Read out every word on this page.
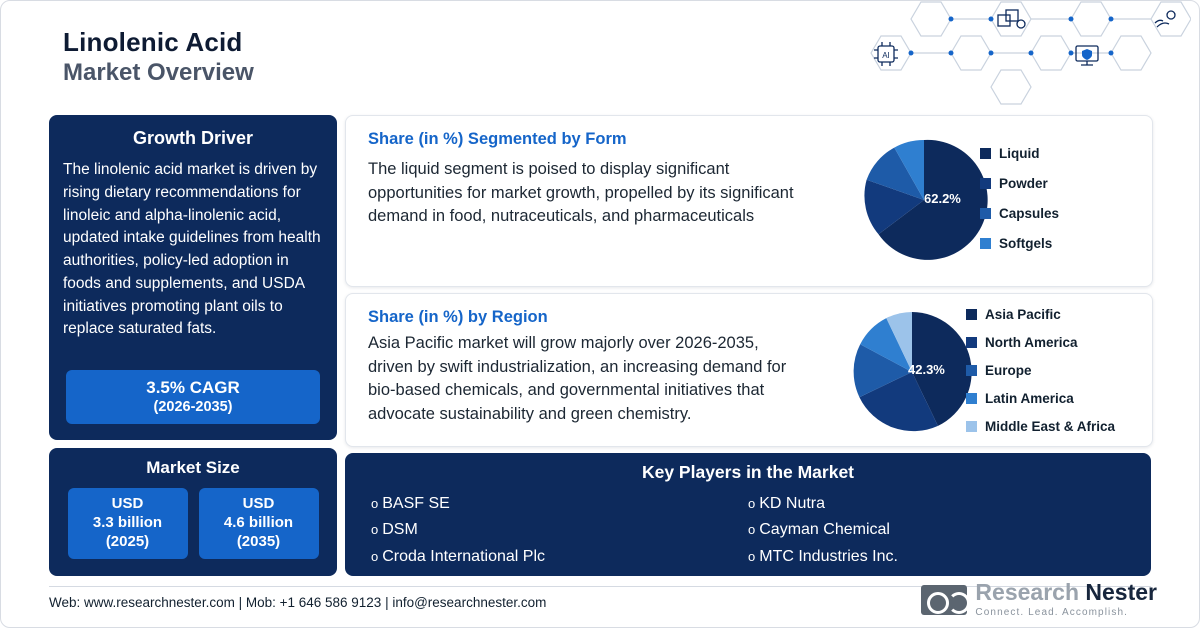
Linolenic Acid
Market Overview
AI
Growth Driver
The linolenic acid market is driven by rising dietary recommendations for linoleic and alpha-linolenic acid, updated intake guidelines from health authorities, policy-led adoption in foods and supplements, and USDA initiatives promoting plant oils to replace saturated fats.
3.5% CAGR
(2026-2035)
Market Size
USD
3.3 billion
(2025)
USD
4.6 billion
(2035)
Share (in %) Segmented by Form
The liquid segment is poised to display significant opportunities for market growth, propelled by its significant demand in food, nutraceuticals, and pharmaceuticals
62.2%
Liquid
Powder
Capsules
Softgels
Share (in %) by Region
Asia Pacific market will grow majorly over 2026-2035, driven by swift industrialization, an increasing demand for bio-based chemicals, and governmental initiatives that advocate sustainability and green chemistry.
42.3%
Asia Pacific
North America
Europe
Latin America
Middle East & Africa
Key Players in the Market
o BASF SE
o DSM
o Croda International Plc
o KD Nutra
o Cayman Chemical
o MTC Industries Inc.
Web: www.researchnester.com | Mob: +1 646 586 9123 | info@researchnester.com	Research Nester
Connect. Lead. Accomplish.
